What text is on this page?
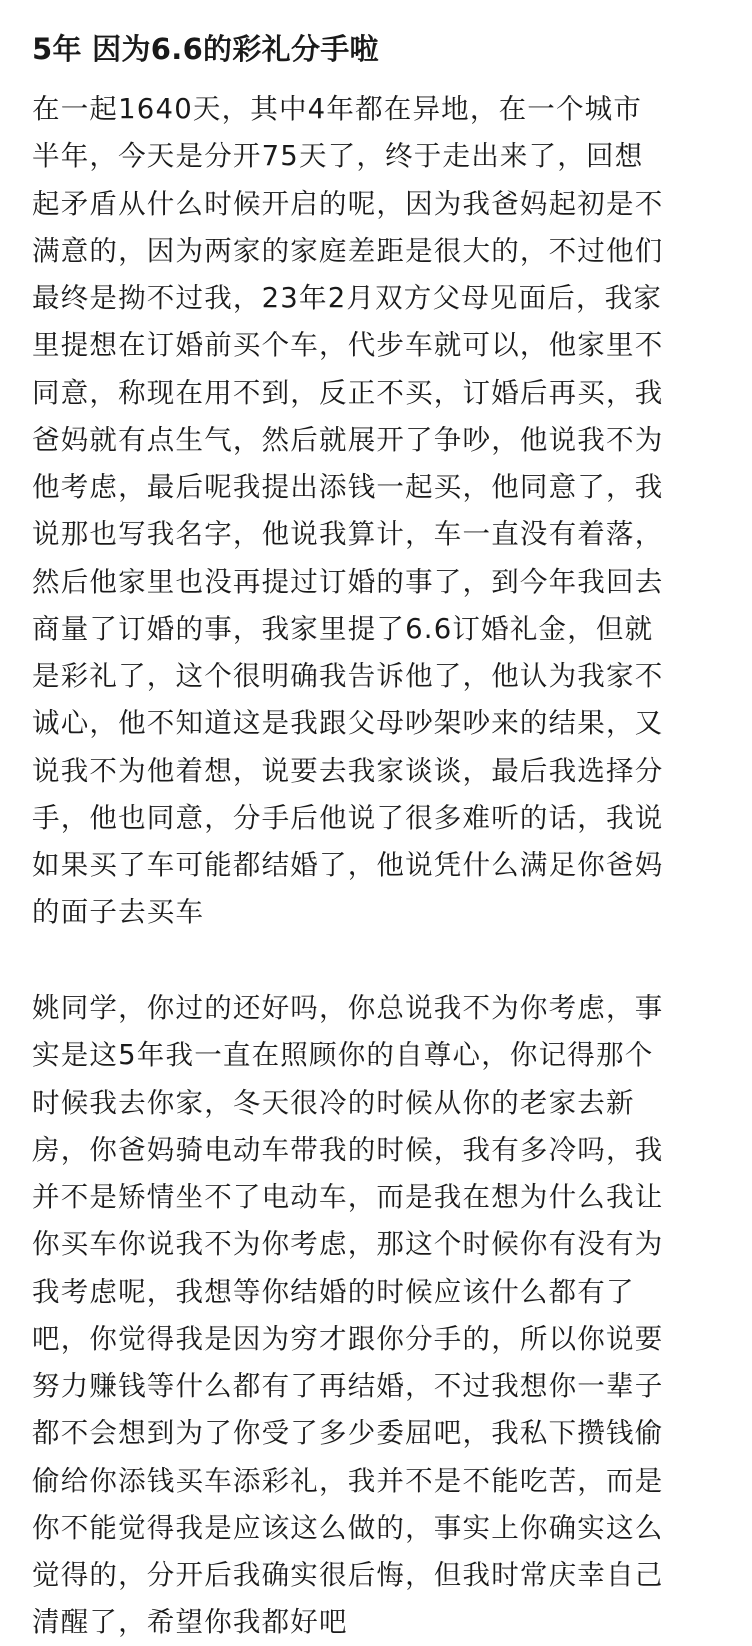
5年 因为6.6的彩礼分手啦
在一起1640天，其中4年都在异地，在一个城市
半年，今天是分开75天了，终于走出来了，回想
起矛盾从什么时候开启的呢，因为我爸妈起初是不
满意的，因为两家的家庭差距是很大的，不过他们
最终是拗不过我，23年2月双方父母见面后，我家
里提想在订婚前买个车，代步车就可以，他家里不
同意，称现在用不到，反正不买，订婚后再买，我
爸妈就有点生气，然后就展开了争吵，他说我不为
他考虑，最后呢我提出添钱一起买，他同意了，我
说那也写我名字，他说我算计，车一直没有着落，
然后他家里也没再提过订婚的事了，到今年我回去
商量了订婚的事，我家里提了6.6订婚礼金，但就
是彩礼了，这个很明确我告诉他了，他认为我家不
诚心，他不知道这是我跟父母吵架吵来的结果，又
说我不为他着想，说要去我家谈谈，最后我选择分
手，他也同意，分手后他说了很多难听的话，我说
如果买了车可能都结婚了，他说凭什么满足你爸妈
的面子去买车
姚同学，你过的还好吗，你总说我不为你考虑，事
实是这5年我一直在照顾你的自尊心，你记得那个
时候我去你家，冬天很冷的时候从你的老家去新
房，你爸妈骑电动车带我的时候，我有多冷吗，我
并不是矫情坐不了电动车，而是我在想为什么我让
你买车你说我不为你考虑，那这个时候你有没有为
我考虑呢，我想等你结婚的时候应该什么都有了
吧，你觉得我是因为穷才跟你分手的，所以你说要
努力赚钱等什么都有了再结婚，不过我想你一辈子
都不会想到为了你受了多少委屈吧，我私下攒钱偷
偷给你添钱买车添彩礼，我并不是不能吃苦，而是
你不能觉得我是应该这么做的，事实上你确实这么
觉得的，分开后我确实很后悔，但我时常庆幸自己
清醒了，希望你我都好吧
